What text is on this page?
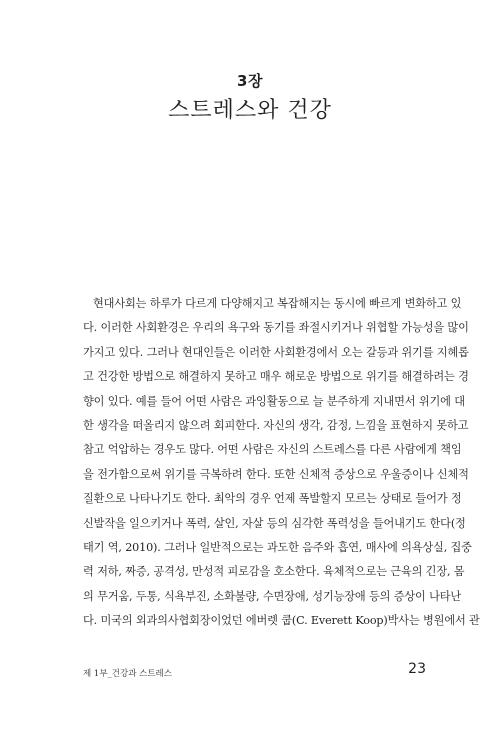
3장
스트레스와 건강
현대사회는 하루가 다르게 다양해지고 복잡해지는 동시에 빠르게 변화하고 있
다. 이러한 사회환경은 우리의 욕구와 동기를 좌절시키거나 위협할 가능성을 많이
가지고 있다. 그러나 현대인들은 이러한 사회환경에서 오는 갈등과 위기를 지혜롭
고 건강한 방법으로 해결하지 못하고 매우 해로운 방법으로 위기를 해결하려는 경
향이 있다. 예를 들어 어떤 사람은 과잉활동으로 늘 분주하게 지내면서 위기에 대
한 생각을 떠올리지 않으려 회피한다. 자신의 생각, 감정, 느낌을 표현하지 못하고
참고 억압하는 경우도 많다. 어떤 사람은 자신의 스트레스를 다른 사람에게 책임
을 전가함으로써 위기를 극복하려 한다. 또한 신체적 증상으로 우울증이나 신체적
질환으로 나타나기도 한다. 최악의 경우 언제 폭발할지 모르는 상태로 들어가 정
신발작을 일으키거나 폭력, 살인, 자살 등의 심각한 폭력성을 들어내기도 한다(정
태기 역, 2010). 그러나 일반적으로는 과도한 음주와 흡연, 매사에 의욕상실, 집중
력 저하, 짜증, 공격성, 만성적 피로감을 호소한다. 육체적으로는 근육의 긴장, 몸
의 무거움, 두통, 식욕부진, 소화불량, 수면장애, 성기능장애 등의 증상이 나타난
다. 미국의 외과의사협회장이었던 에버렛 쿱(C. Everett Koop)박사는 병원에서 관
제 1부_건강과 스트레스	23
